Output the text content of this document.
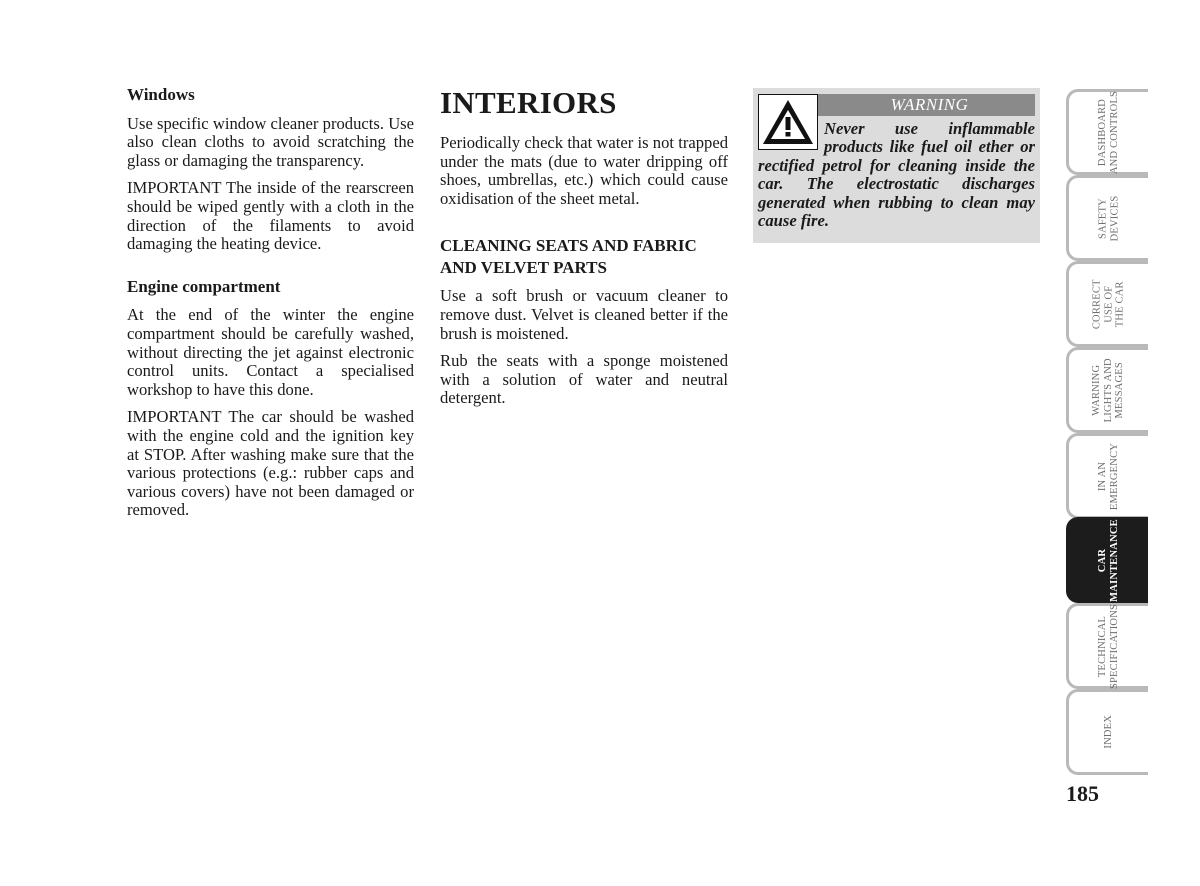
Windows

Use specific window cleaner products. Use also clean cloths to avoid scratching the glass or damaging the transparency.

IMPORTANT The inside of the rearscreen should be wiped gently with a cloth in the direction of the filaments to avoid damaging the heating device.

Engine compartment

At the end of the winter the engine compartment should be carefully washed, without directing the jet against electronic control units. Contact a specialised workshop to have this done.

IMPORTANT The car should be washed with the engine cold and the ignition key at STOP. After washing make sure that the various protections (e.g.: rubber caps and various covers) have not been damaged or removed.

INTERIORS

Periodically check that water is not trapped under the mats (due to water dripping off shoes, umbrellas, etc.) which could cause oxidisation of the sheet metal.

CLEANING SEATS AND FABRIC AND VELVET PARTS

Use a soft brush or vacuum cleaner to remove dust. Velvet is cleaned better if the brush is moistened.

Rub the seats with a sponge moistened with a solution of water and neutral detergent.

WARNING
Never use inflammable products like fuel oil ether or rectified petrol for cleaning inside the car. The electrostatic discharges generated when rubbing to clean may cause fire.
DASHBOARD
AND CONTROLS
SAFETY
DEVICES
CORRECT
USE OF
THE CAR
WARNING
LIGHTS AND
MESSAGES
IN AN
EMERGENCY
CAR
MAINTENANCE
TECHNICAL
SPECIFICATIONS
INDEX
185
